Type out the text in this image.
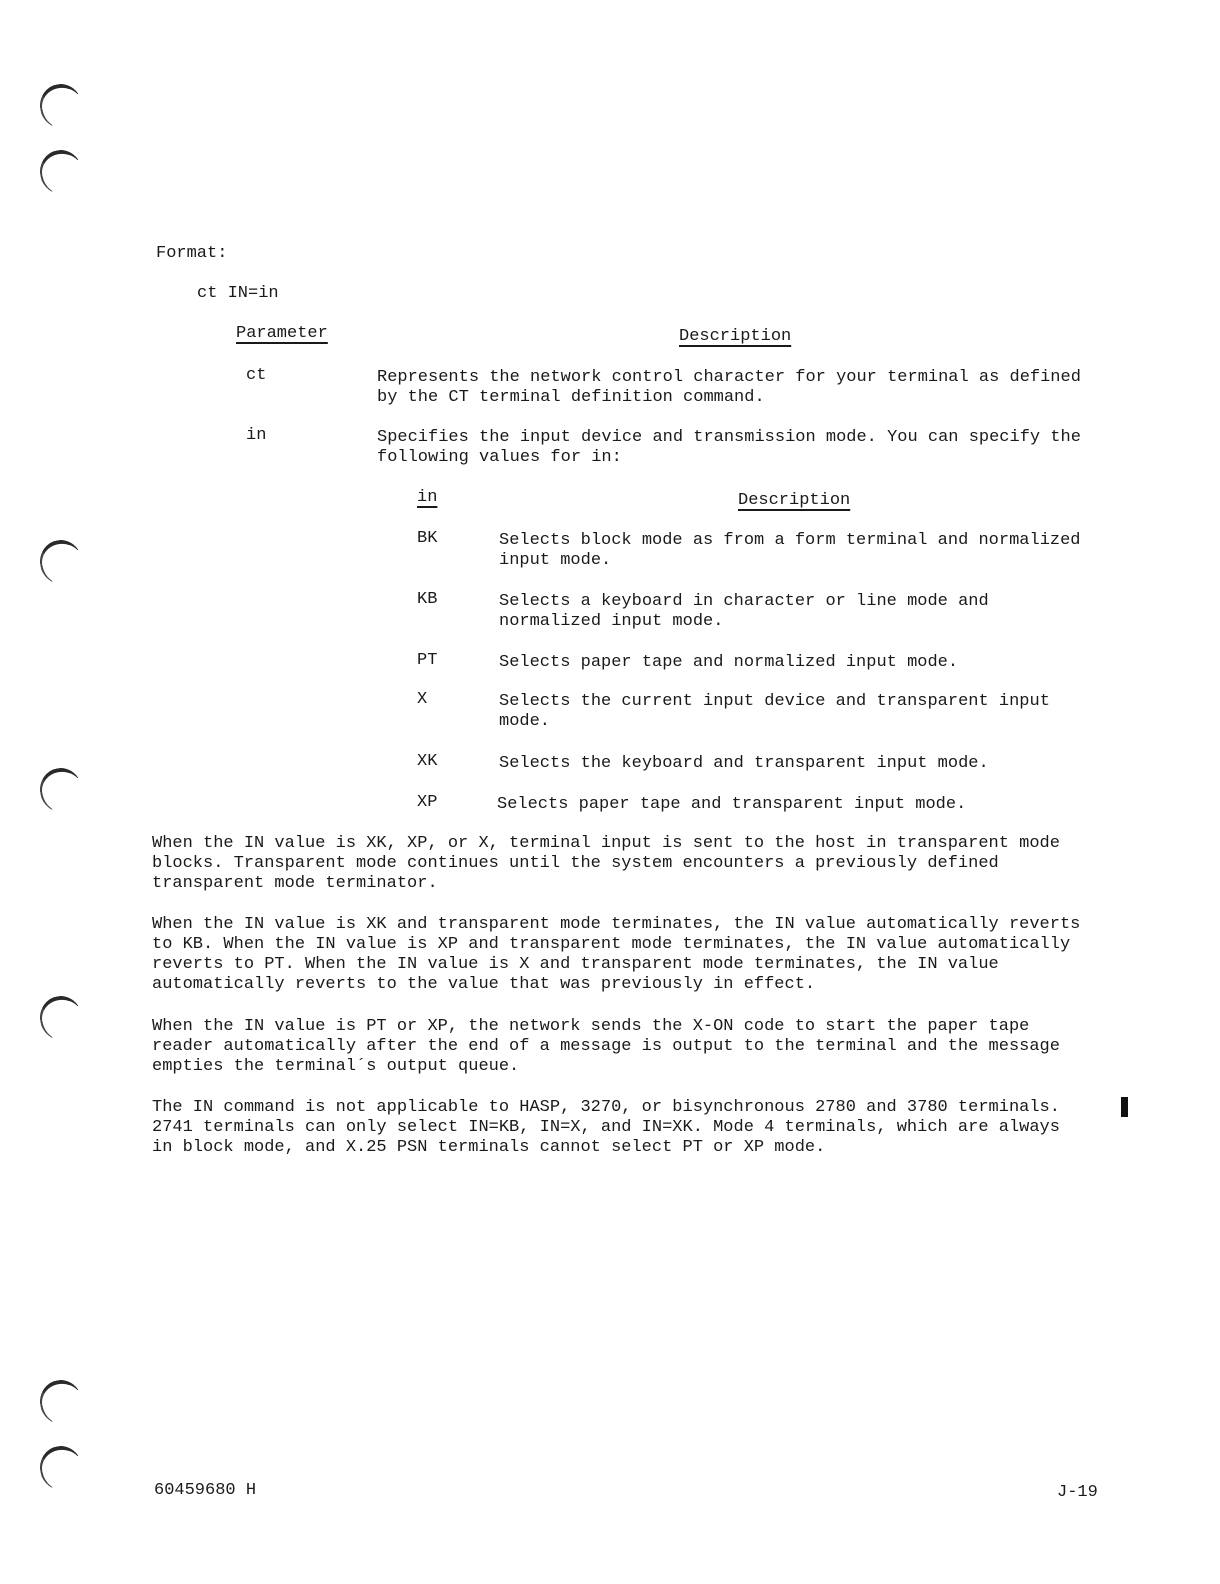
Format:
ct IN=in
Parameter	Description
ct	Represents the network control character for your terminal as defined by the CT terminal definition command.
in	Specifies the input device and transmission mode. You can specify the following values for in:
in	Description
BK	Selects block mode as from a form terminal and normalized input mode.
KB	Selects a keyboard in character or line mode and normalized input mode.
PT	Selects paper tape and normalized input mode.
X	Selects the current input device and transparent input mode.
XK	Selects the keyboard and transparent input mode.
XP	Selects paper tape and transparent input mode.
When the IN value is XK, XP, or X, terminal input is sent to the host in transparent mode blocks. Transparent mode continues until the system encounters a previously defined transparent mode terminator.
When the IN value is XK and transparent mode terminates, the IN value automatically reverts to KB. When the IN value is XP and transparent mode terminates, the IN value automatically reverts to PT. When the IN value is X and transparent mode terminates, the IN value automatically reverts to the value that was previously in effect.
When the IN value is PT or XP, the network sends the X-ON code to start the paper tape reader automatically after the end of a message is output to the terminal and the message empties the terminal´s output queue.
The IN command is not applicable to HASP, 3270, or bisynchronous 2780 and 3780 terminals. 2741 terminals can only select IN=KB, IN=X, and IN=XK. Mode 4 terminals, which are always in block mode, and X.25 PSN terminals cannot select PT or XP mode.
60459680 H	J-19
